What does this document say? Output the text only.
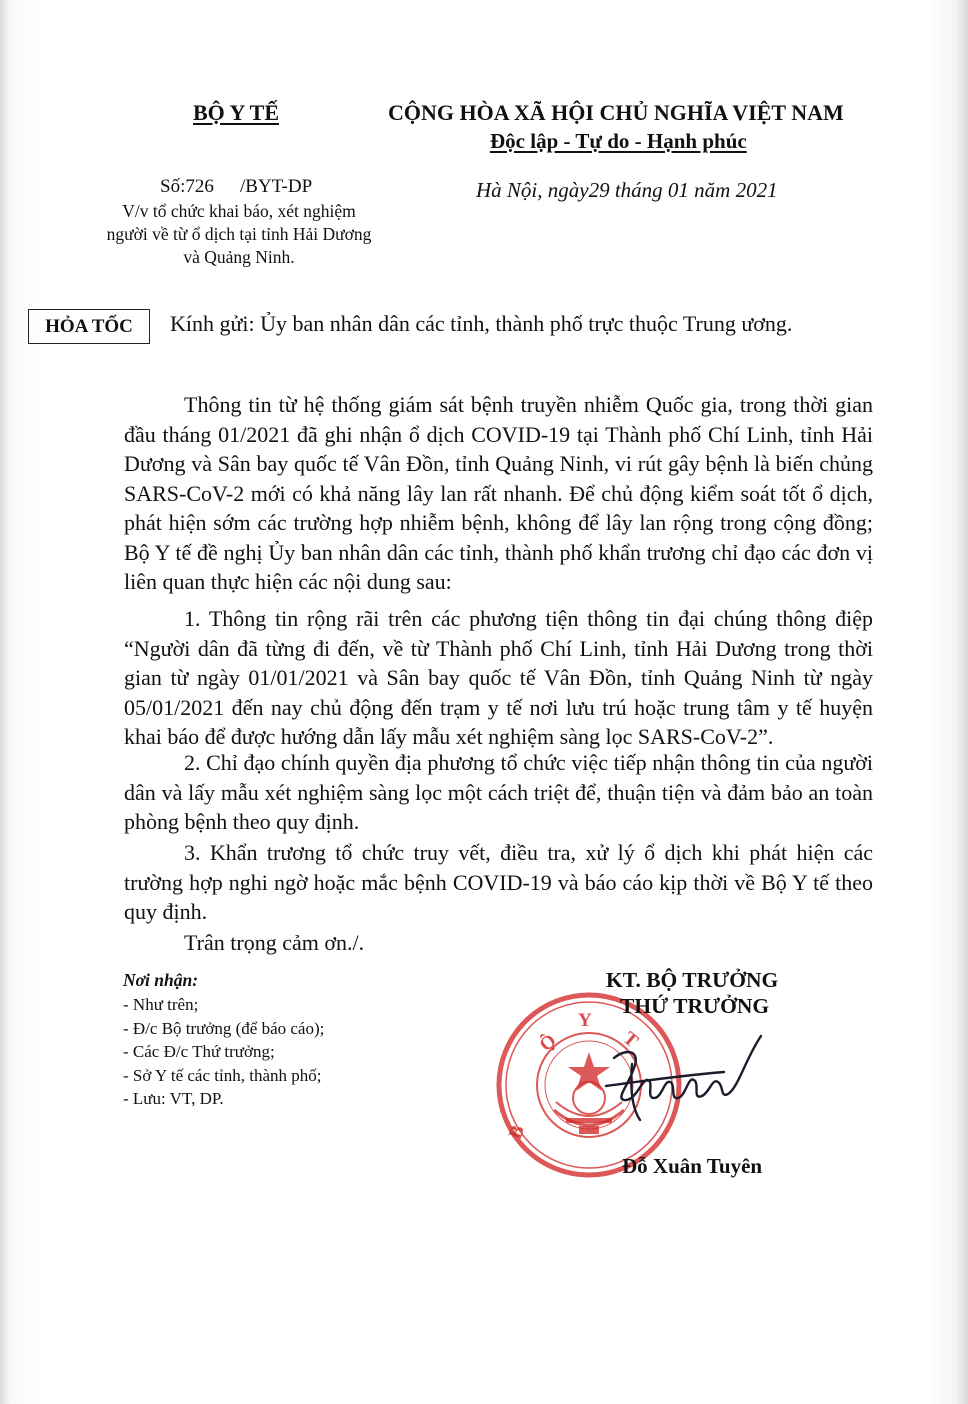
BỘ Y TẾ	CỘNG HÒA XÃ HỘI CHỦ NGHĨA VIỆT NAM
Độc lập - Tự do - Hạnh phúc
Số:726 /BYT-DP
V/v tổ chức khai báo, xét nghiệm người về từ ổ dịch tại tỉnh Hải Dương và Quảng Ninh.
Hà Nội, ngày29 tháng 01 năm 2021
HỎA TỐC	Kính gửi: Ủy ban nhân dân các tỉnh, thành phố trực thuộc Trung ương.

Thông tin từ hệ thống giám sát bệnh truyền nhiễm Quốc gia, trong thời gian đầu tháng 01/2021 đã ghi nhận ổ dịch COVID-19 tại Thành phố Chí Linh, tỉnh Hải Dương và Sân bay quốc tế Vân Đồn, tỉnh Quảng Ninh, vi rút gây bệnh là biến chủng SARS-CoV-2 mới có khả năng lây lan rất nhanh. Để chủ động kiểm soát tốt ổ dịch, phát hiện sớm các trường hợp nhiễm bệnh, không để lây lan rộng trong cộng đồng; Bộ Y tế đề nghị Ủy ban nhân dân các tỉnh, thành phố khẩn trương chỉ đạo các đơn vị liên quan thực hiện các nội dung sau:

1. Thông tin rộng rãi trên các phương tiện thông tin đại chúng thông điệp “Người dân đã từng đi đến, về từ Thành phố Chí Linh, tỉnh Hải Dương trong thời gian từ ngày 01/01/2021 và Sân bay quốc tế Vân Đồn, tỉnh Quảng Ninh từ ngày 05/01/2021 đến nay chủ động đến trạm y tế nơi lưu trú hoặc trung tâm y tế huyện khai báo để được hướng dẫn lấy mẫu xét nghiệm sàng lọc SARS-CoV-2”.

2. Chỉ đạo chính quyền địa phương tổ chức việc tiếp nhận thông tin của người dân và lấy mẫu xét nghiệm sàng lọc một cách triệt để, thuận tiện và đảm bảo an toàn phòng bệnh theo quy định.

3. Khẩn trương tổ chức truy vết, điều tra, xử lý ổ dịch khi phát hiện các trường hợp nghi ngờ hoặc mắc bệnh COVID-19 và báo cáo kịp thời về Bộ Y tế theo quy định.

Trân trọng cảm ơn./.
Nơi nhận:
- Như trên;
- Đ/c Bộ trưởng (để báo cáo);
- Các Đ/c Thứ trưởng;
- Sở Y tế các tỉnh, thành phố;
- Lưu: VT, DP.
Ộ
Y
T
B
KT. BỘ TRƯỞNG
THỨ TRƯỞNG
Đỗ Xuân Tuyên
